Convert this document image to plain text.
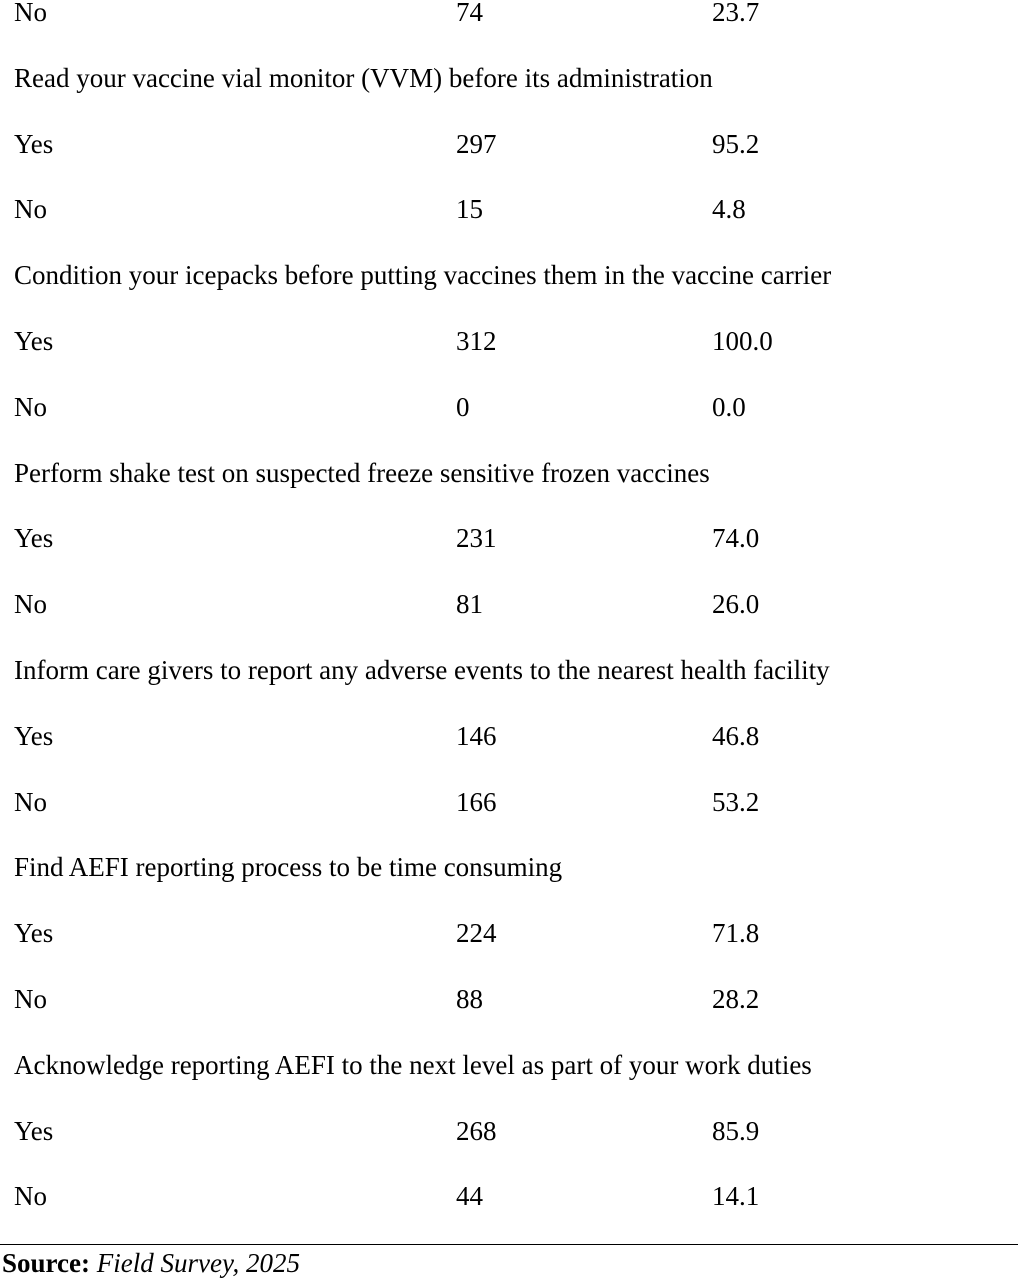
No	74	23.7
Read your vaccine vial monitor (VVM) before its administration
Yes	297	95.2
No	15	4.8
Condition your icepacks before putting vaccines them in the vaccine carrier
Yes	312	100.0
No	0	0.0
Perform shake test on suspected freeze sensitive frozen vaccines
Yes	231	74.0
No	81	26.0
Inform care givers to report any adverse events to the nearest health facility
Yes	146	46.8
No	166	53.2
Find AEFI reporting process to be time consuming
Yes	224	71.8
No	88	28.2
Acknowledge reporting AEFI to the next level as part of your work duties
Yes	268	85.9
No	44	14.1
Source: Field Survey, 2025
